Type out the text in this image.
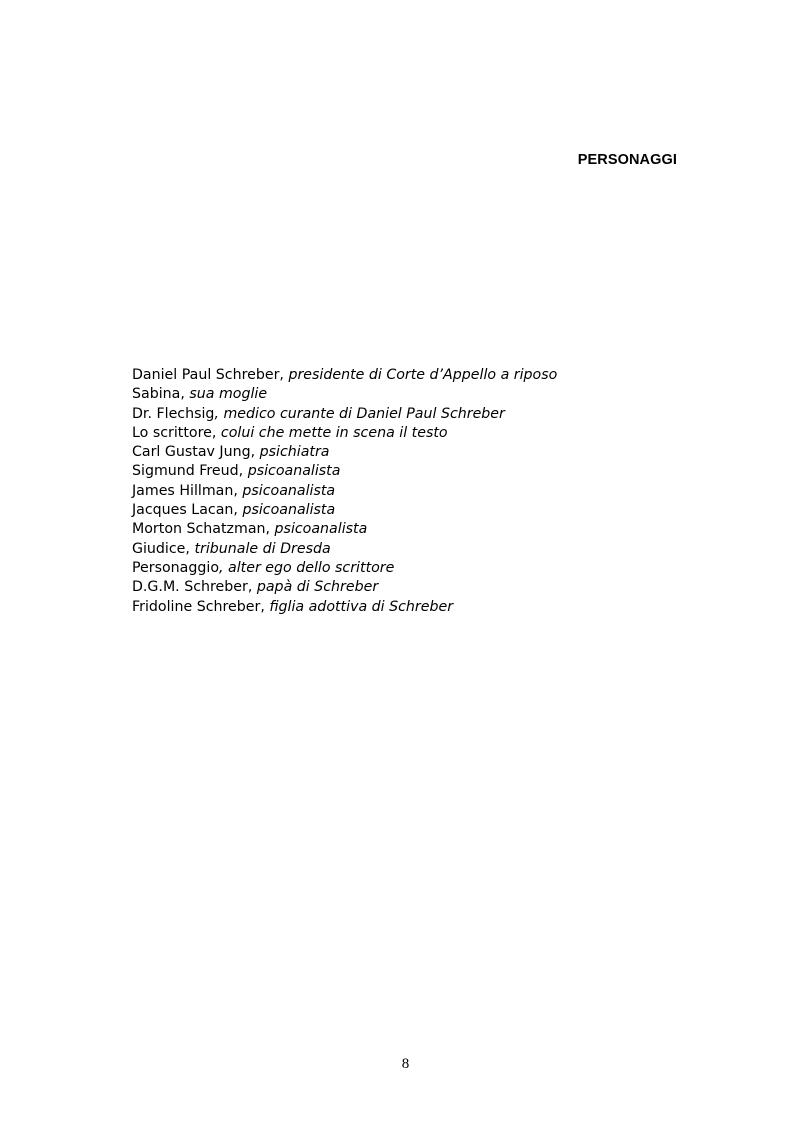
PERSONAGGI
Daniel Paul Schreber, presidente di Corte d’Appello a riposo
Sabina, sua moglie
Dr. Flechsig, medico curante di Daniel Paul Schreber
Lo scrittore, colui che mette in scena il testo
Carl Gustav Jung, psichiatra
Sigmund Freud, psicoanalista
James Hillman, psicoanalista
Jacques Lacan, psicoanalista
Morton Schatzman, psicoanalista
Giudice, tribunale di Dresda
Personaggio, alter ego dello scrittore
D.G.M. Schreber, papà di Schreber
Fridoline Schreber, figlia adottiva di Schreber
8
